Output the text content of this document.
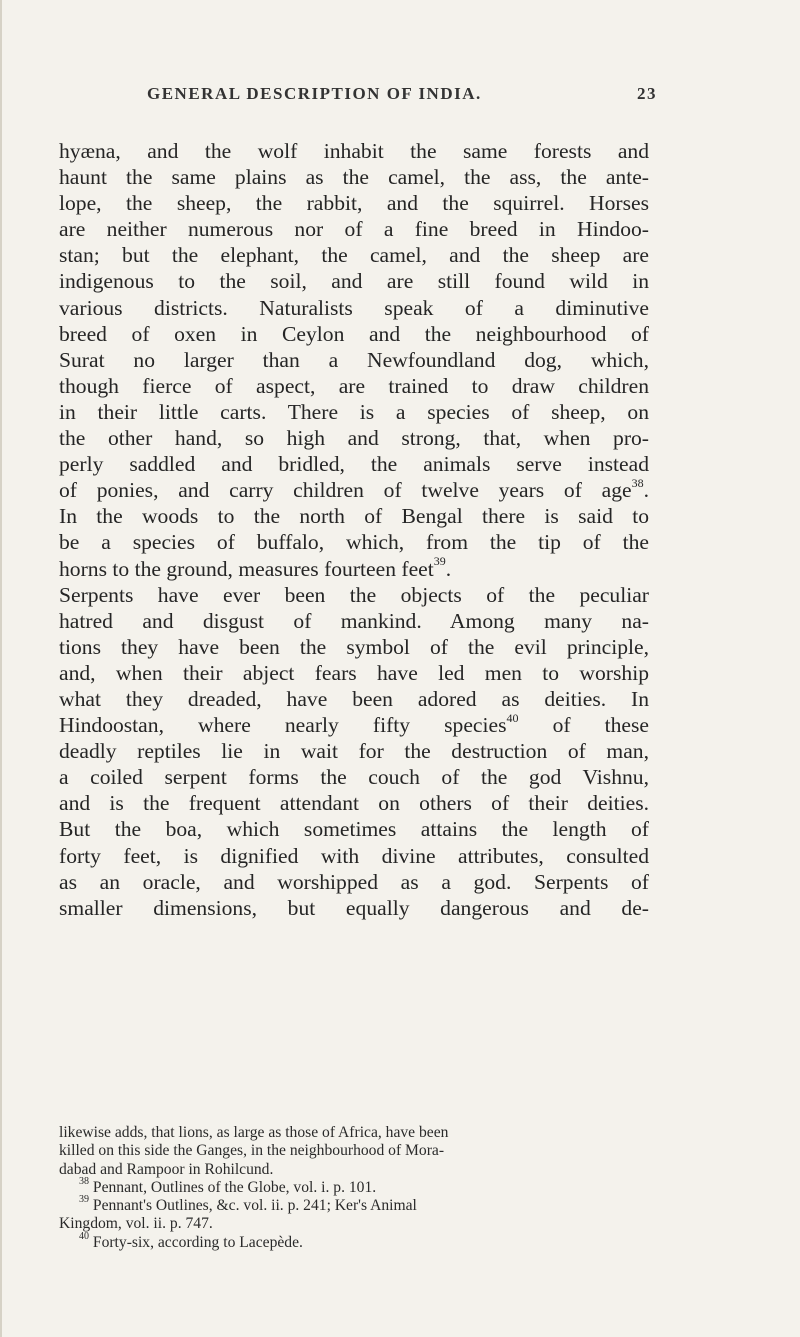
GENERAL DESCRIPTION OF INDIA.	23
hyæna, and the wolf inhabit the same forests and
haunt the same plains as the camel, the ass, the ante-
lope, the sheep, the rabbit, and the squirrel. Horses
are neither numerous nor of a fine breed in Hindoo-
stan; but the elephant, the camel, and the sheep are
indigenous to the soil, and are still found wild in
various districts. Naturalists speak of a diminutive
breed of oxen in Ceylon and the neighbourhood of
Surat no larger than a Newfoundland dog, which,
though fierce of aspect, are trained to draw children
in their little carts. There is a species of sheep, on
the other hand, so high and strong, that, when pro-
perly saddled and bridled, the animals serve instead
of ponies, and carry children of twelve years of age$^{38}$.
In the woods to the north of Bengal there is said to
be a species of buffalo, which, from the tip of the
horns to the ground, measures fourteen feet$^{39}$.
Serpents have ever been the objects of the peculiar
hatred and disgust of mankind. Among many na-
tions they have been the symbol of the evil principle,
and, when their abject fears have led men to worship
what they dreaded, have been adored as deities. In
Hindoostan, where nearly fifty species$^{40}$ of these
deadly reptiles lie in wait for the destruction of man,
a coiled serpent forms the couch of the god Vishnu,
and is the frequent attendant on others of their deities.
But the boa, which sometimes attains the length of
forty feet, is dignified with divine attributes, consulted
as an oracle, and worshipped as a god. Serpents of
smaller dimensions, but equally dangerous and de-
likewise adds, that lions, as large as those of Africa, have been
killed on this side the Ganges, in the neighbourhood of Mora-
dabad and Rampoor in Rohilcund.
$^{38}$ Pennant, Outlines of the Globe, vol. i. p. 101.
$^{39}$ Pennant's Outlines, &c. vol. ii. p. 241; Ker's Animal
Kingdom, vol. ii. p. 747.
$^{40}$ Forty-six, according to Lacepède.
